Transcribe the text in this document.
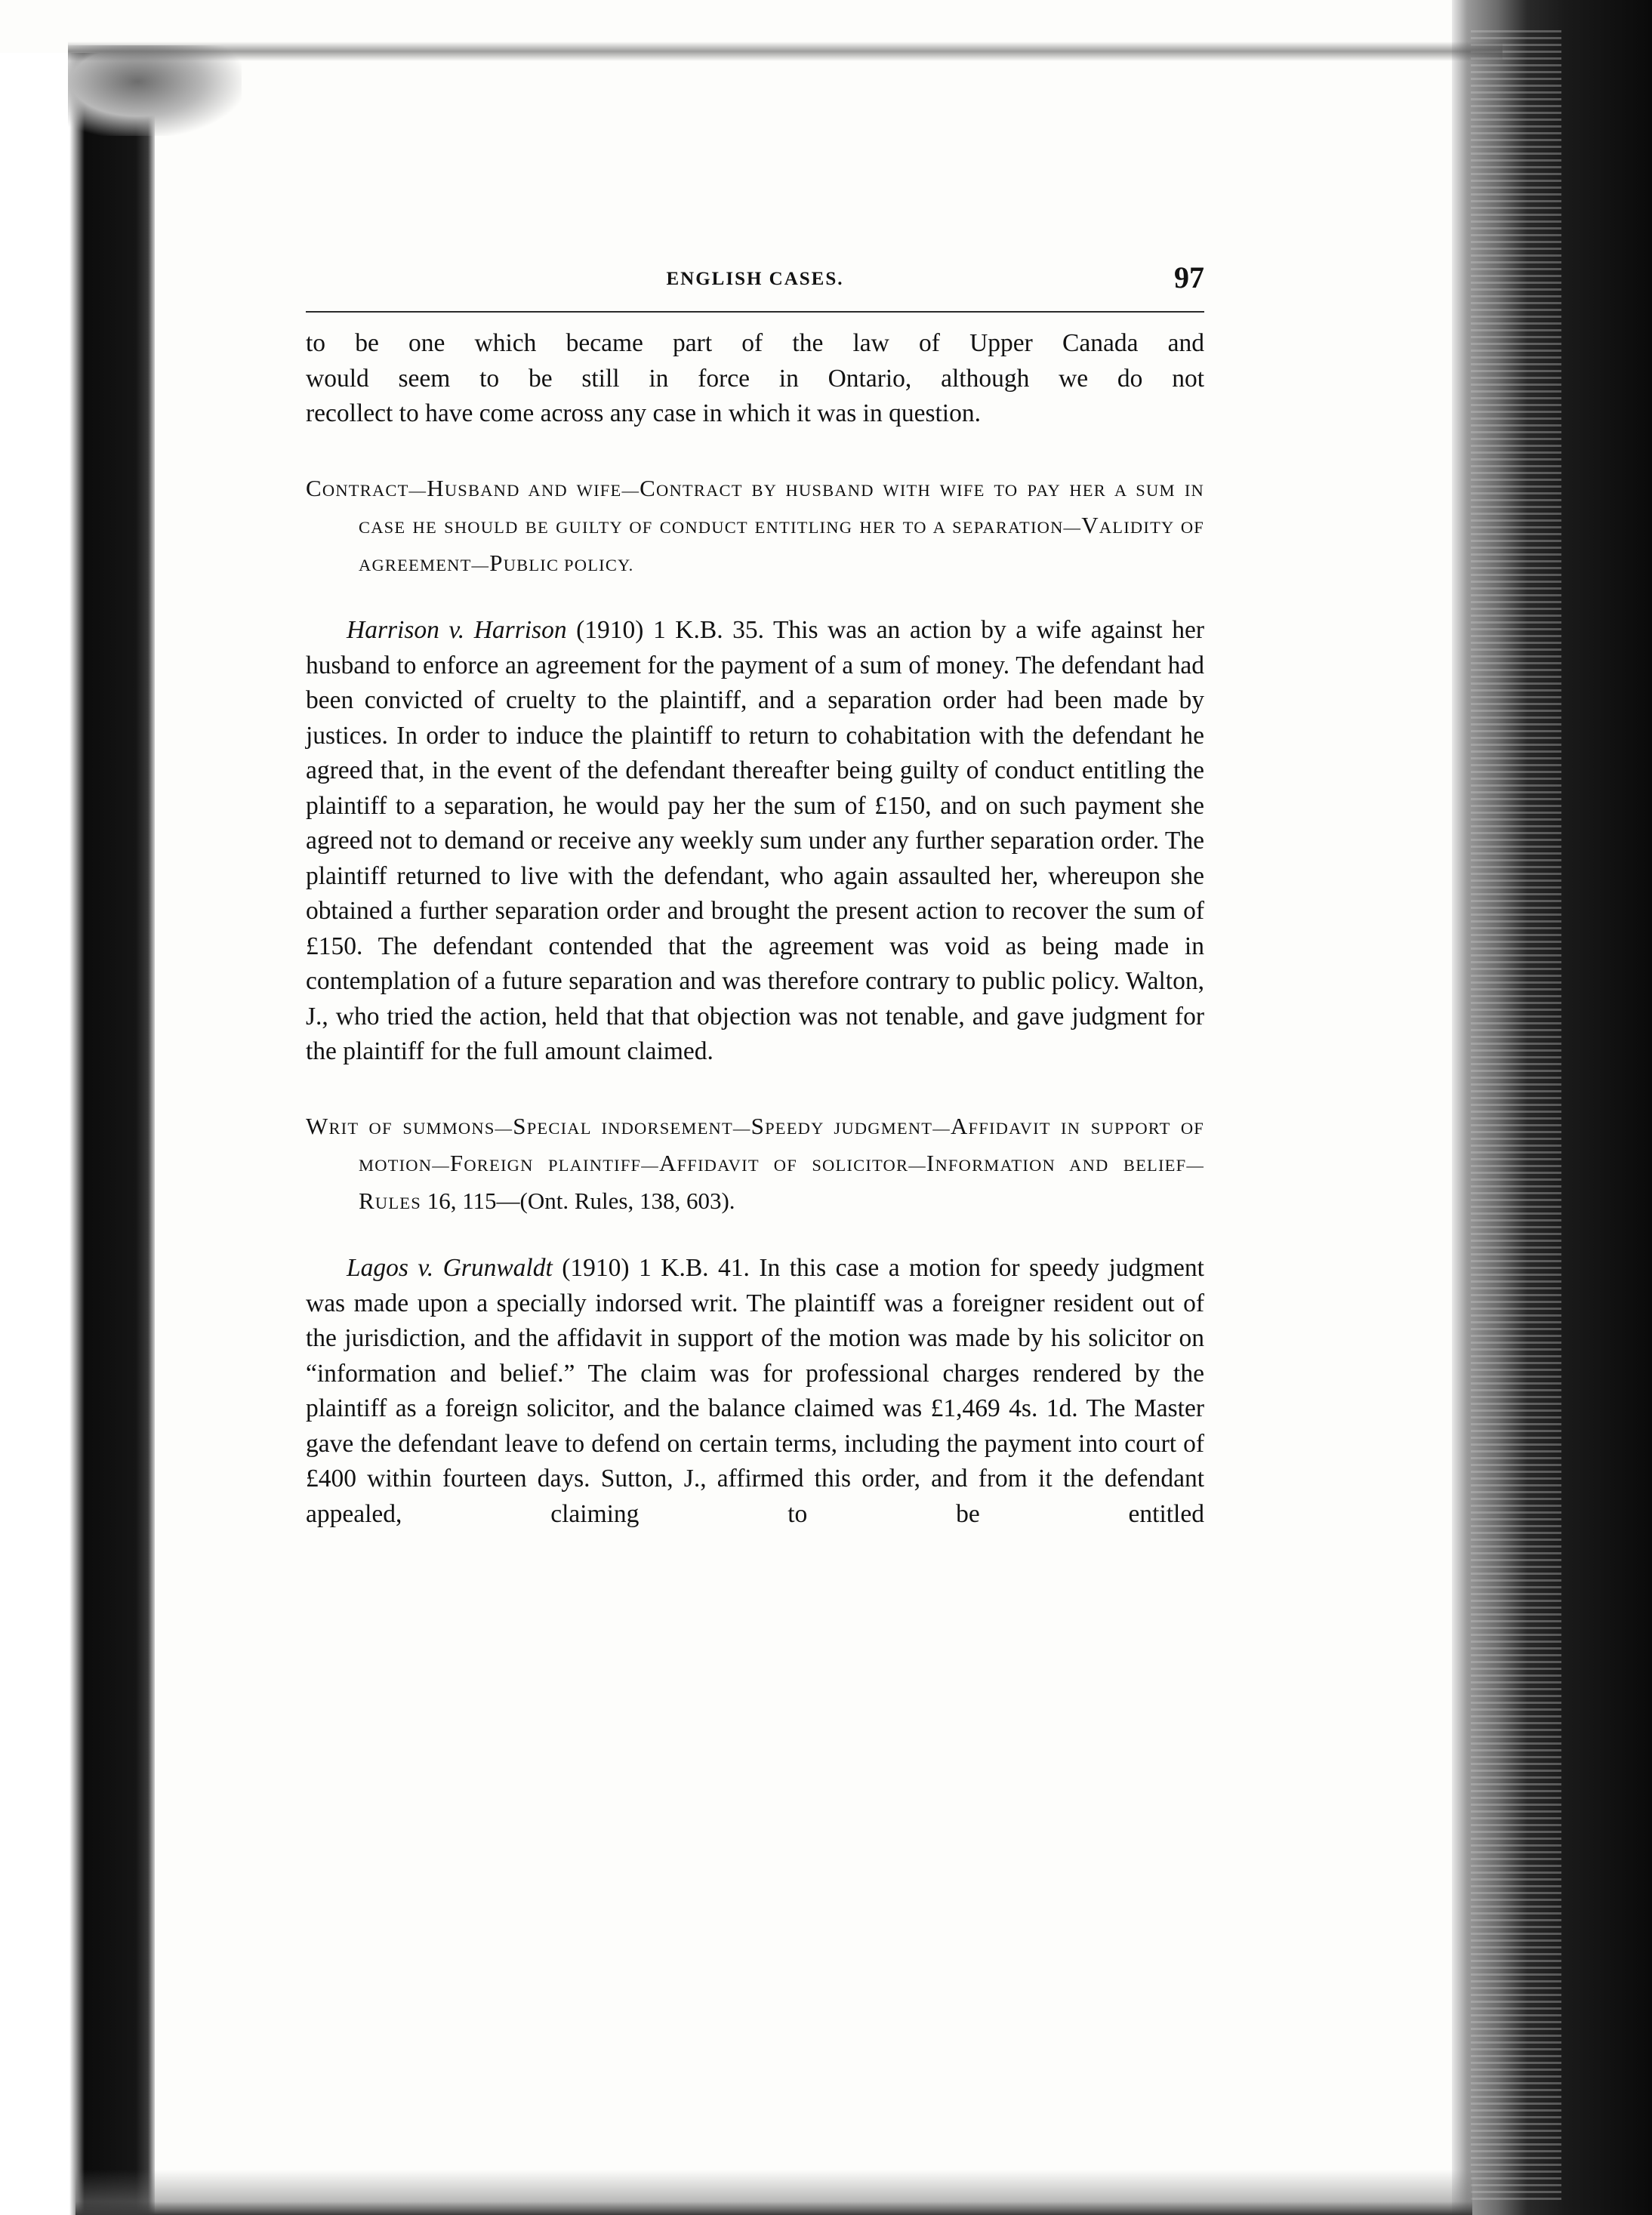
ENGLISH CASES.	97

to be one which became part of the law of Upper Canada and

would seem to be still in force in Ontario, although we do not

recollect to have come across any case in which it was in question.

CONTRACT—HUSBAND AND WIFE—CONTRACT BY HUSBAND WITH WIFE TO PAY HER A SUM IN CASE HE SHOULD BE GUILTY OF CONDUCT ENTITLING HER TO A SEPARATION—VALIDITY OF AGREEMENT—PUBLIC POLICY.

Harrison v. Harrison (1910) 1 K.B. 35. This was an action by a wife against her husband to enforce an agreement for the payment of a sum of money. The defendant had been convicted of cruelty to the plaintiff, and a separation order had been made by justices. In order to induce the plaintiff to return to cohabitation with the defendant he agreed that, in the event of the defendant thereafter being guilty of conduct entitling the plaintiff to a separation, he would pay her the sum of £150, and on such payment she agreed not to demand or receive any weekly sum under any further separation order. The plaintiff returned to live with the defendant, who again assaulted her, whereupon she obtained a further separation order and brought the present action to recover the sum of £150. The defendant contended that the agreement was void as being made in contemplation of a future separation and was therefore contrary to public policy. Walton, J., who tried the action, held that that objection was not tenable, and gave judgment for the plaintiff for the full amount claimed.

WRIT OF SUMMONS—SPECIAL INDORSEMENT—SPEEDY JUDGMENT—AFFIDAVIT IN SUPPORT OF MOTION—FOREIGN PLAINTIFF—AFFIDAVIT OF SOLICITOR—INFORMATION AND BELIEF—RULES 16, 115—(Ont. Rules, 138, 603).

Lagos v. Grunwaldt (1910) 1 K.B. 41. In this case a motion for speedy judgment was made upon a specially indorsed writ. The plaintiff was a foreigner resident out of the jurisdiction, and the affidavit in support of the motion was made by his solicitor on “information and belief.” The claim was for professional charges rendered by the plaintiff as a foreign solicitor, and the balance claimed was £1,469 4s. 1d. The Master gave the defendant leave to defend on certain terms, including the payment into court of £400 within fourteen days. Sutton, J., affirmed this order, and from it the defendant appealed, claiming to be entitled
